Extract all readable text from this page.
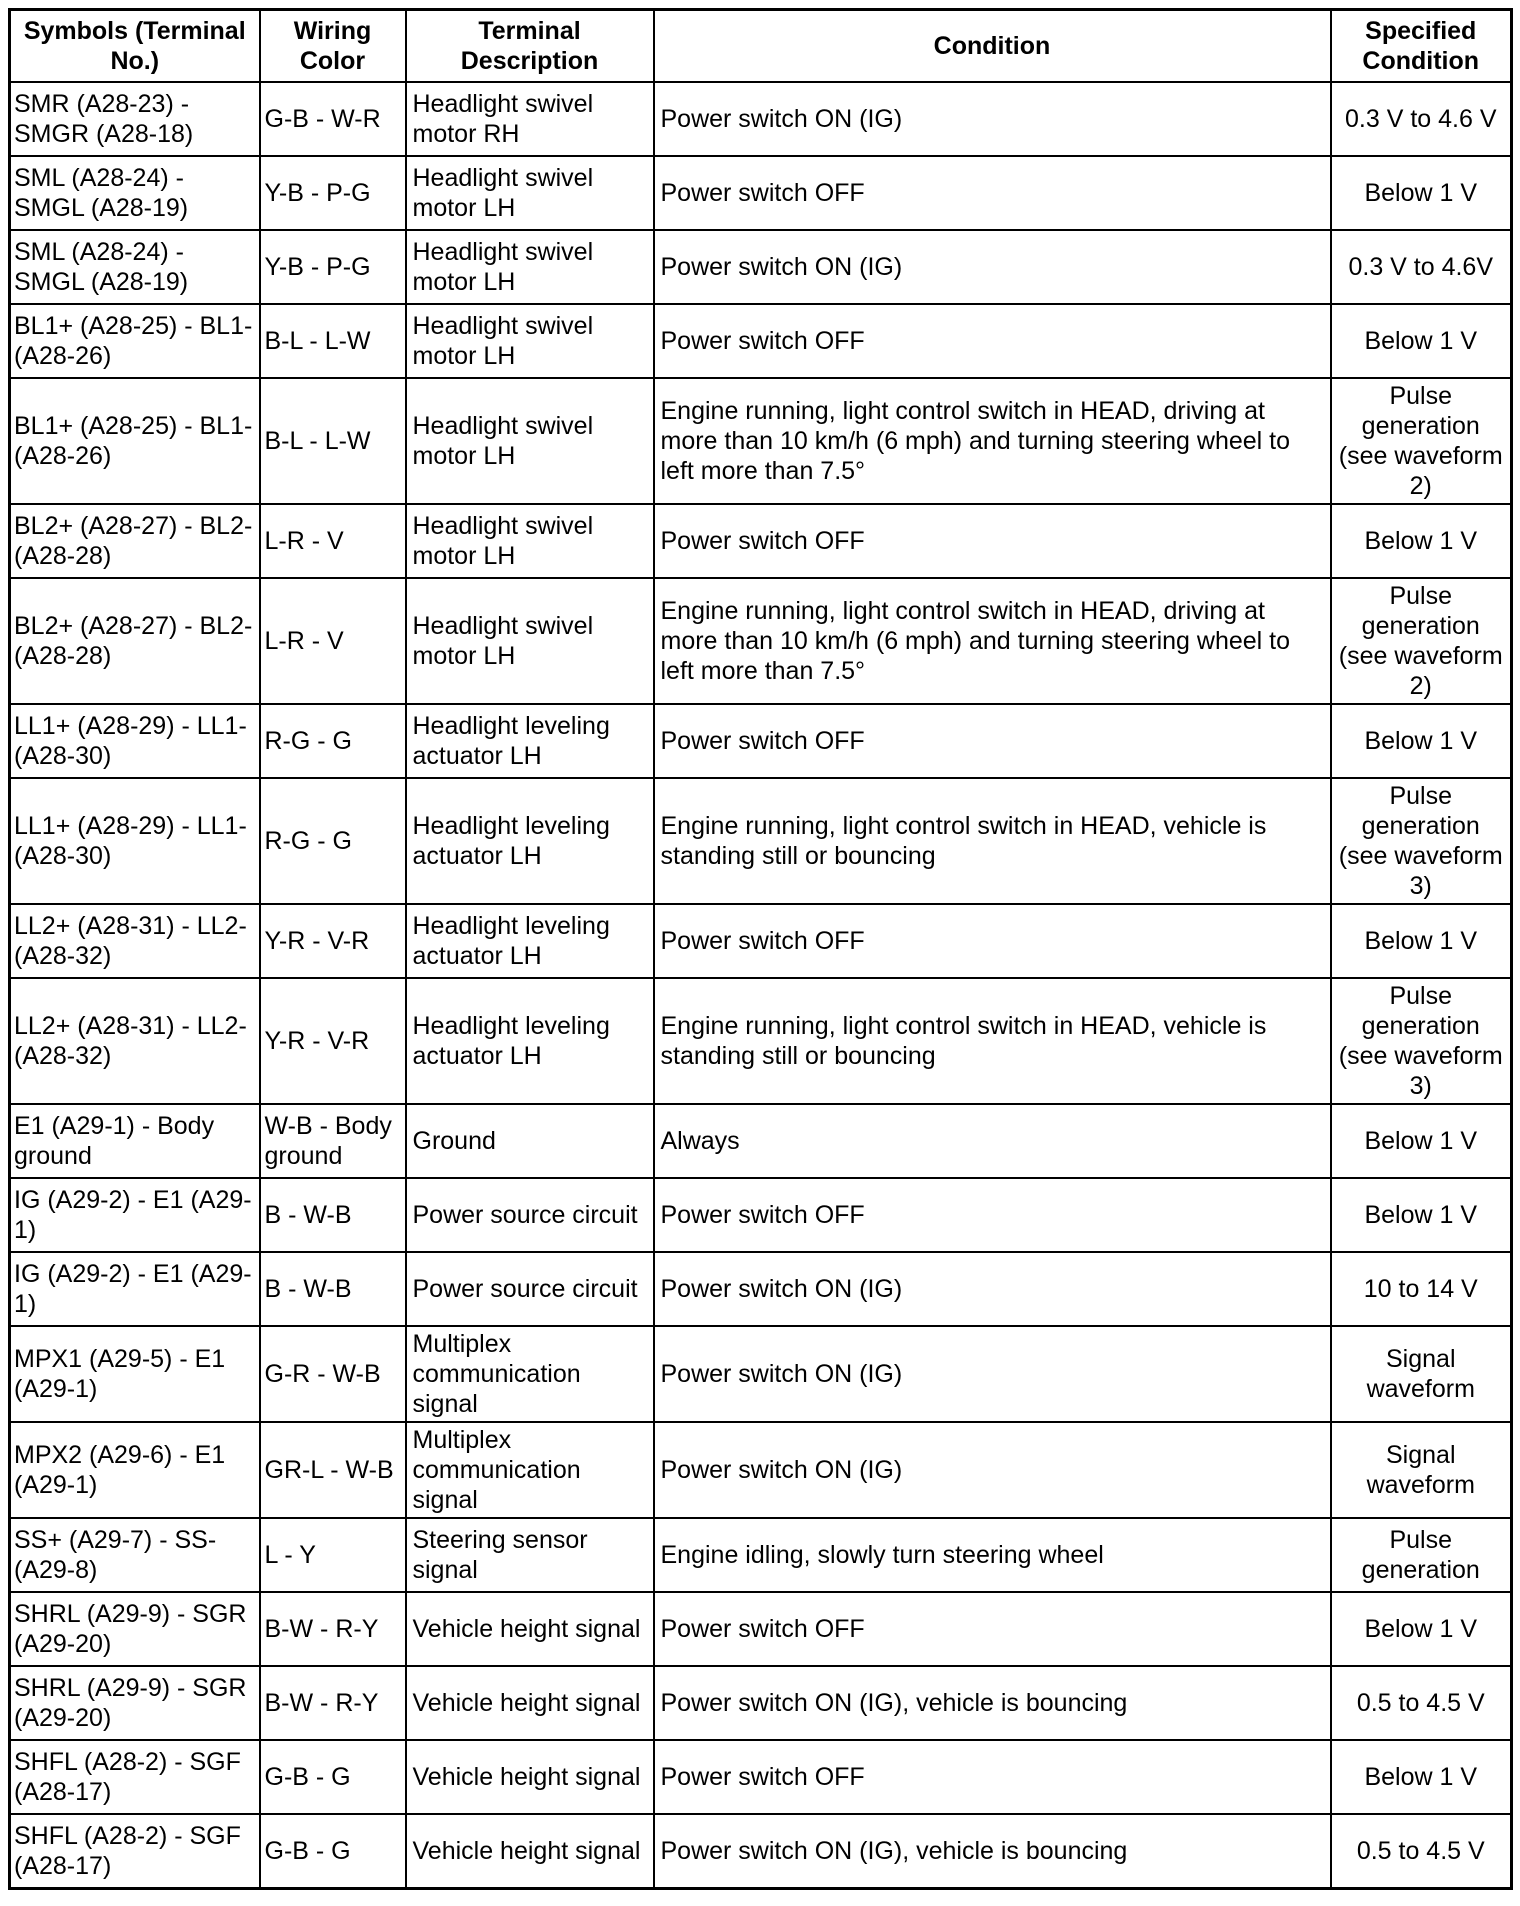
Symbols (Terminal No.)	Wiring Color	Terminal Description	Condition	Specified Condition
SMR (A28-23) - SMGR (A28-18)	G-B - W-R	Headlight swivel motor RH	Power switch ON (IG)	0.3 V to 4.6 V
SML (A28-24) - SMGL (A28-19)	Y-B - P-G	Headlight swivel motor LH	Power switch OFF	Below 1 V
SML (A28-24) - SMGL (A28-19)	Y-B - P-G	Headlight swivel motor LH	Power switch ON (IG)	0.3 V to 4.6V
BL1+ (A28-25) - BL1-(A28-26)	B-L - L-W	Headlight swivel motor LH	Power switch OFF	Below 1 V
BL1+ (A28-25) - BL1-(A28-26)	B-L - L-W	Headlight swivel motor LH	Engine running, light control switch in HEAD, driving at more than 10 km/h (6 mph) and turning steering wheel to left more than 7.5°	Pulse generation (see waveform 2)
BL2+ (A28-27) - BL2-(A28-28)	L-R - V	Headlight swivel motor LH	Power switch OFF	Below 1 V
BL2+ (A28-27) - BL2-(A28-28)	L-R - V	Headlight swivel motor LH	Engine running, light control switch in HEAD, driving at more than 10 km/h (6 mph) and turning steering wheel to left more than 7.5°	Pulse generation (see waveform 2)
LL1+ (A28-29) - LL1- (A28-30)	R-G - G	Headlight leveling actuator LH	Power switch OFF	Below 1 V
LL1+ (A28-29) - LL1- (A28-30)	R-G - G	Headlight leveling actuator LH	Engine running, light control switch in HEAD, vehicle is standing still or bouncing	Pulse generation (see waveform 3)
LL2+ (A28-31) - LL2- (A28-32)	Y-R - V-R	Headlight leveling actuator LH	Power switch OFF	Below 1 V
LL2+ (A28-31) - LL2- (A28-32)	Y-R - V-R	Headlight leveling actuator LH	Engine running, light control switch in HEAD, vehicle is standing still or bouncing	Pulse generation (see waveform 3)
E1 (A29-1) - Body ground	W-B - Body ground	Ground	Always	Below 1 V
IG (A29-2) - E1 (A29-1)	B - W-B	Power source circuit	Power switch OFF	Below 1 V
IG (A29-2) - E1 (A29-1)	B - W-B	Power source circuit	Power switch ON (IG)	10 to 14 V
MPX1 (A29-5) - E1 (A29-1)	G-R - W-B	Multiplex communication signal	Power switch ON (IG)	Signal waveform
MPX2 (A29-6) - E1 (A29-1)	GR-L - W-B	Multiplex communication signal	Power switch ON (IG)	Signal waveform
SS+ (A29-7) - SS- (A29-8)	L - Y	Steering sensor signal	Engine idling, slowly turn steering wheel	Pulse generation
SHRL (A29-9) - SGR (A29-20)	B-W - R-Y	Vehicle height signal	Power switch OFF	Below 1 V
SHRL (A29-9) - SGR (A29-20)	B-W - R-Y	Vehicle height signal	Power switch ON (IG), vehicle is bouncing	0.5 to 4.5 V
SHFL (A28-2) - SGF (A28-17)	G-B - G	Vehicle height signal	Power switch OFF	Below 1 V
SHFL (A28-2) - SGF (A28-17)	G-B - G	Vehicle height signal	Power switch ON (IG), vehicle is bouncing	0.5 to 4.5 V
